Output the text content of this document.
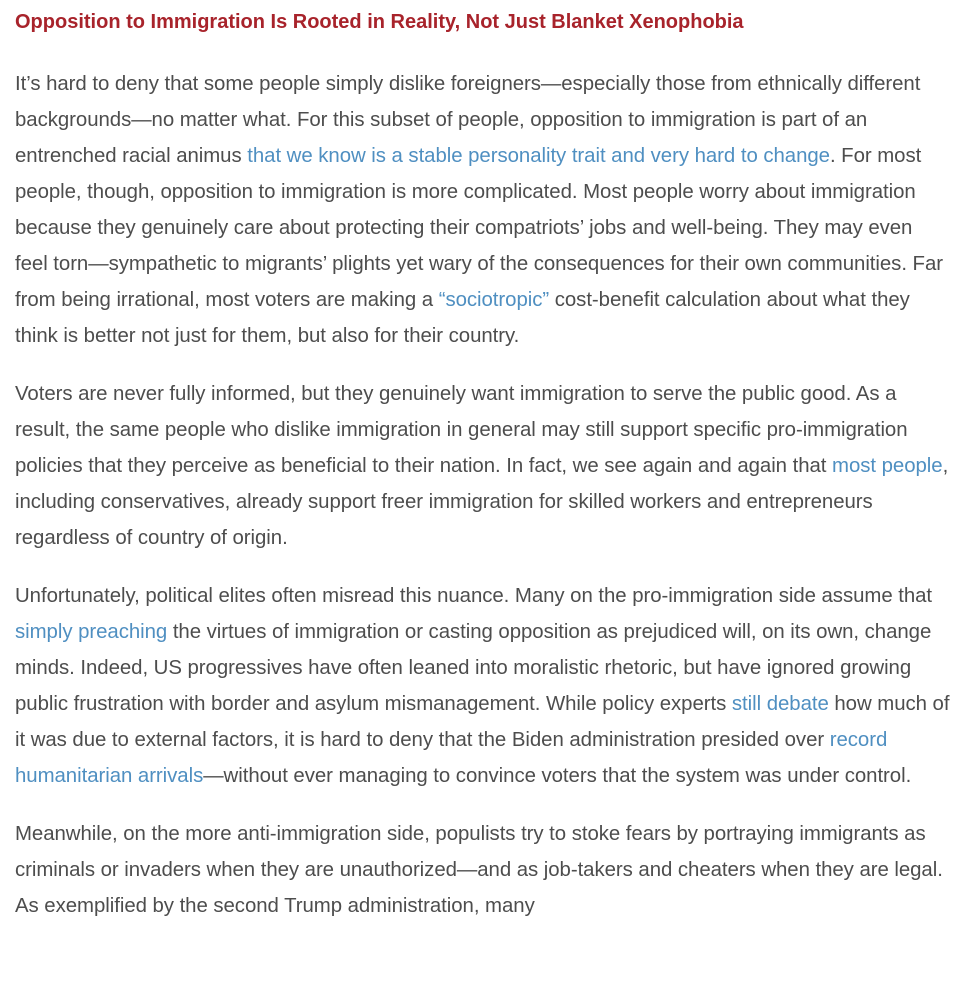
Opposition to Immigration Is Rooted in Reality, Not Just Blanket Xenophobia

It’s hard to deny that some people simply dislike foreigners—especially those from ethnically different backgrounds—no matter what. For this subset of people, opposition to immigration is part of an entrenched racial animus that we know is a stable personality trait and very hard to change. For most people, though, opposition to immigration is more complicated. Most people worry about immigration because they genuinely care about protecting their compatriots’ jobs and well-being. They may even feel torn—sympathetic to migrants’ plights yet wary of the consequences for their own communities. Far from being irrational, most voters are making a “sociotropic” cost-benefit calculation about what they think is better not just for them, but also for their country.

Voters are never fully informed, but they genuinely want immigration to serve the public good. As a result, the same people who dislike immigration in general may still support specific pro-immigration policies that they perceive as beneficial to their nation. In fact, we see again and again that most people, including conservatives, already support freer immigration for skilled workers and entrepreneurs regardless of country of origin.

Unfortunately, political elites often misread this nuance. Many on the pro-immigration side assume that simply preaching the virtues of immigration or casting opposition as prejudiced will, on its own, change minds. Indeed, US progressives have often leaned into moralistic rhetoric, but have ignored growing public frustration with border and asylum mismanagement. While policy experts still debate how much of it was due to external factors, it is hard to deny that the Biden administration presided over record humanitarian arrivals—without ever managing to convince voters that the system was under control.

Meanwhile, on the more anti-immigration side, populists try to stoke fears by portraying immigrants as criminals or invaders when they are unauthorized—and as job-takers and cheaters when they are legal. As exemplified by the second Trump administration, many
